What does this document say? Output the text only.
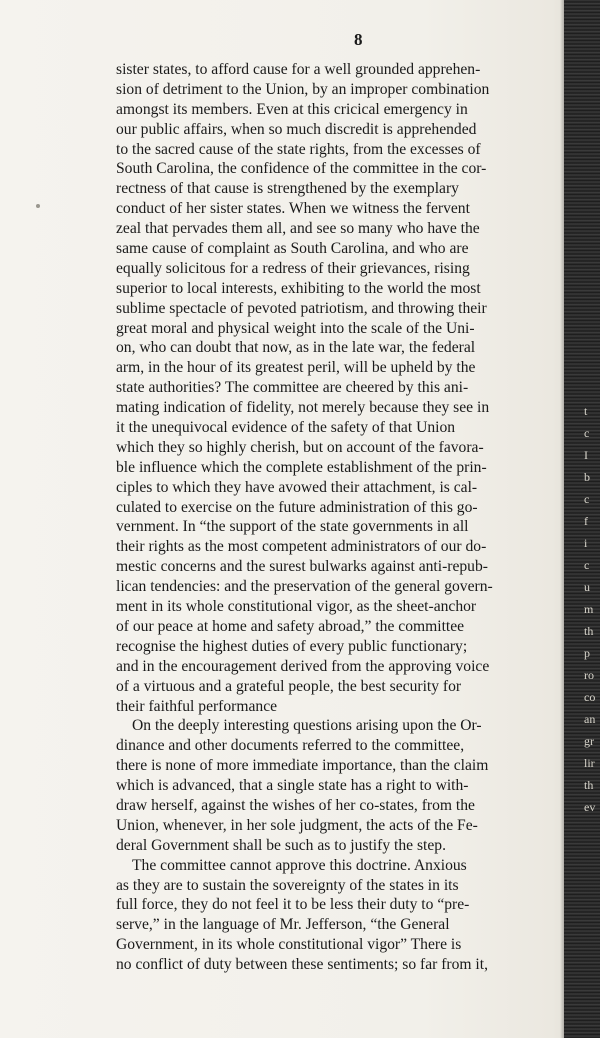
8
sister states, to afford cause for a well grounded apprehen-
sion of detriment to the Union, by an improper combination
amongst its members. Even at this cricical emergency in
our public affairs, when so much discredit is apprehended
to the sacred cause of the state rights, from the excesses of
South Carolina, the confidence of the committee in the cor-
rectness of that cause is strengthened by the exemplary
conduct of her sister states. When we witness the fervent
zeal that pervades them all, and see so many who have the
same cause of complaint as South Carolina, and who are
equally solicitous for a redress of their grievances, rising
superior to local interests, exhibiting to the world the most
sublime spectacle of pevoted patriotism, and throwing their
great moral and physical weight into the scale of the Uni-
on, who can doubt that now, as in the late war, the federal
arm, in the hour of its greatest peril, will be upheld by the
state authorities? The committee are cheered by this ani-
mating indication of fidelity, not merely because they see in
it the unequivocal evidence of the safety of that Union
which they so highly cherish, but on account of the favora-
ble influence which the complete establishment of the prin-
ciples to which they have avowed their attachment, is cal-
culated to exercise on the future administration of this go-
vernment. In “the support of the state governments in all
their rights as the most competent administrators of our do-
mestic concerns and the surest bulwarks against anti-repub-
lican tendencies: and the preservation of the general govern-
ment in its whole constitutional vigor, as the sheet-anchor
of our peace at home and safety abroad,” the committee
recognise the highest duties of every public functionary;
and in the encouragement derived from the approving voice
of a virtuous and a grateful people, the best security for
their faithful performance
On the deeply interesting questions arising upon the Or-
dinance and other documents referred to the committee,
there is none of more immediate importance, than the claim
which is advanced, that a single state has a right to with-
draw herself, against the wishes of her co-states, from the
Union, whenever, in her sole judgment, the acts of the Fe-
deral Government shall be such as to justify the step.
The committee cannot approve this doctrine. Anxious
as they are to sustain the sovereignty of the states in its
full force, they do not feel it to be less their duty to “pre-
serve,” in the language of Mr. Jefferson, “the General
Government, in its whole constitutional vigor” There is
no conflict of duty between these sentiments; so far from it,
t
c
I
b
c
f
i
c
u
m
th
p
ro
co
an
gr
lir
th
ev
